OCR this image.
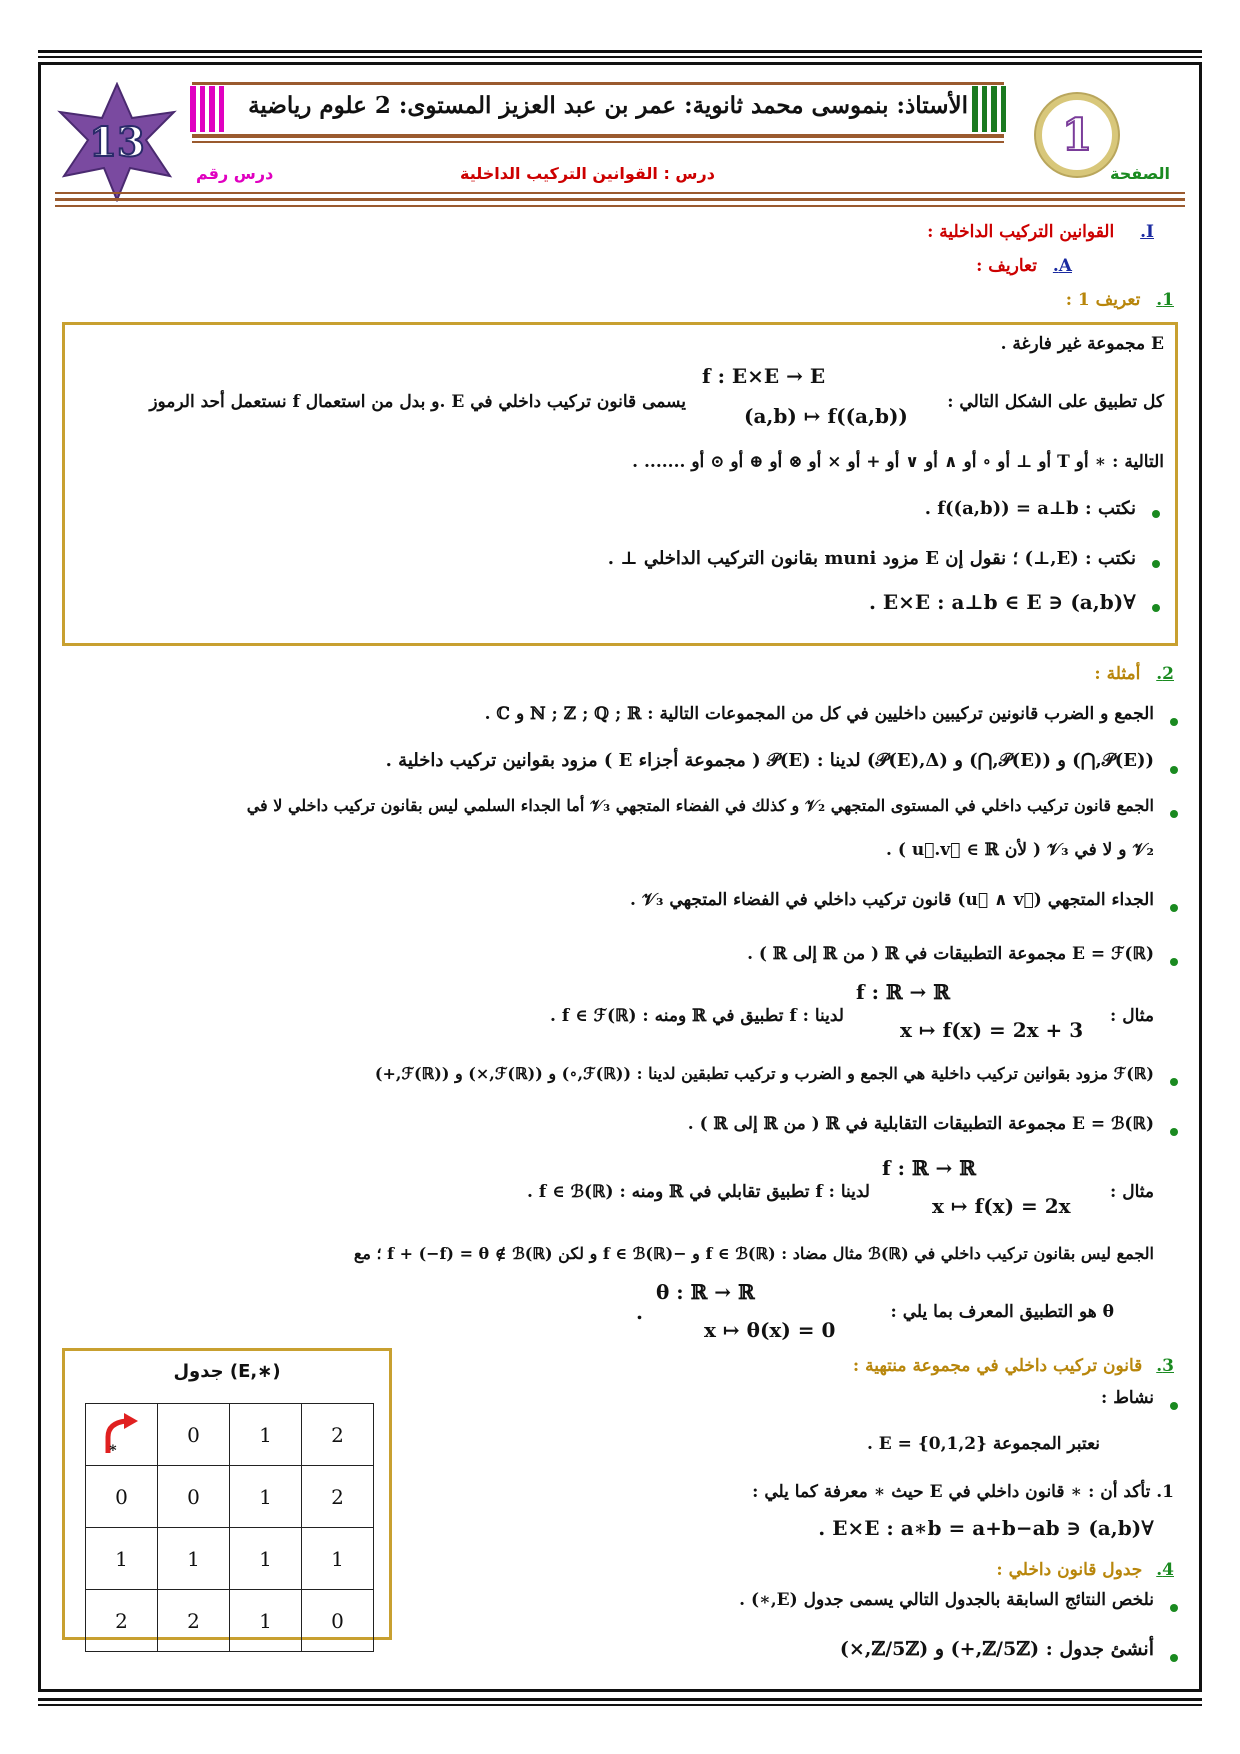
13
الأستاذ: بنموسى محمد ثانوية: عمر بن عبد العزيز المستوى: 2 علوم رياضية
1
الصفحة
درس : القوانين التركيب الداخلية
درس رقم
I. القوانين التركيب الداخلية :
A. تعاريف :
1. تعريف 1 :
E مجموعة غير فارغة .
كل تطبيق على الشكل التالي :
f : E×E → E
(a,b) ↦ f((a,b))
يسمى قانون تركيب داخلي في E .و بدل من استعمال f نستعمل أحد الرموز
التالية : ∗ أو T أو ⊥ أو ∘ أو ∧ أو ∨ أو + أو × أو ⊗ أو ⊕ أو ⊙ أو ....... .
نكتب : f((a,b)) = a⊥b .
نكتب : (E,⊥) ؛ نقول إن E مزود muni بقانون التركيب الداخلي ⊥ .
∀(a,b) ∈ E×E : a⊥b ∈ E .
2. أمثلة :
الجمع و الضرب قانونين تركيبين داخليين في كل من المجموعات التالية : ℕ ; ℤ ; ℚ ; ℝ و ℂ .
(𝒫(E),⋂) و (𝒫(E),⋂) و (𝒫(E),Δ) لدينا : 𝒫(E) ( مجموعة أجزاء E ) مزود بقوانين تركيب داخلية .
الجمع قانون تركيب داخلي في المستوى المتجهي 𝒱₂ و كذلك في الفضاء المتجهي 𝒱₃ أما الجداء السلمي ليس بقانون تركيب داخلي لا في
𝒱₂ و لا في 𝒱₃ ( لأن u⃗.v⃗ ∈ ℝ ) .
الجداء المتجهي (u⃗ ∧ v⃗) قانون تركيب داخلي في الفضاء المتجهي 𝒱₃ .
E = ℱ(ℝ) مجموعة التطبيقات في ℝ ( من ℝ إلى ℝ ) .
مثال :
f : ℝ → ℝ
x ↦ f(x) = 2x + 3
لدينا : f تطبيق في ℝ ومنه : f ∈ ℱ(ℝ) .
ℱ(ℝ) مزود بقوانين تركيب داخلية هي الجمع و الضرب و تركيب تطبقين لدينا : (ℱ(ℝ),∘) و (ℱ(ℝ),×) و (ℱ(ℝ),+)
E = ℬ(ℝ) مجموعة التطبيقات التقابلية في ℝ ( من ℝ إلى ℝ ) .
مثال :
f : ℝ → ℝ
x ↦ f(x) = 2x
لدينا : f تطبيق تقابلي في ℝ ومنه : f ∈ ℬ(ℝ) .
الجمع ليس بقانون تركيب داخلي في ℬ(ℝ) مثال مضاد : f ∈ ℬ(ℝ) و −f ∈ ℬ(ℝ) و لكن f + (−f) = θ ∉ ℬ(ℝ) ؛ مع
θ هو التطبيق المعرف بما يلي :
θ : ℝ → ℝ
x ↦ θ(x) = 0
.
3. قانون تركيب داخلي في مجموعة منتهية :
نشاط :
نعتبر المجموعة E = {0,1,2} .
1. تأكد أن : ∗ قانون داخلي في E حيث ∗ معرفة كما يلي :
∀(a,b) ∈ E×E : a∗b = a+b−ab .
4. جدول قانون داخلي :
نلخص النتائج السابقة بالجدول التالي يسمى جدول (E,∗) .
أنشئ جدول : (ℤ/5ℤ,+) و (ℤ/5ℤ,×)
جدول (E,∗)
∗	0	1	2
0	0	1	2
1	1	1	1
2	2	1	0
